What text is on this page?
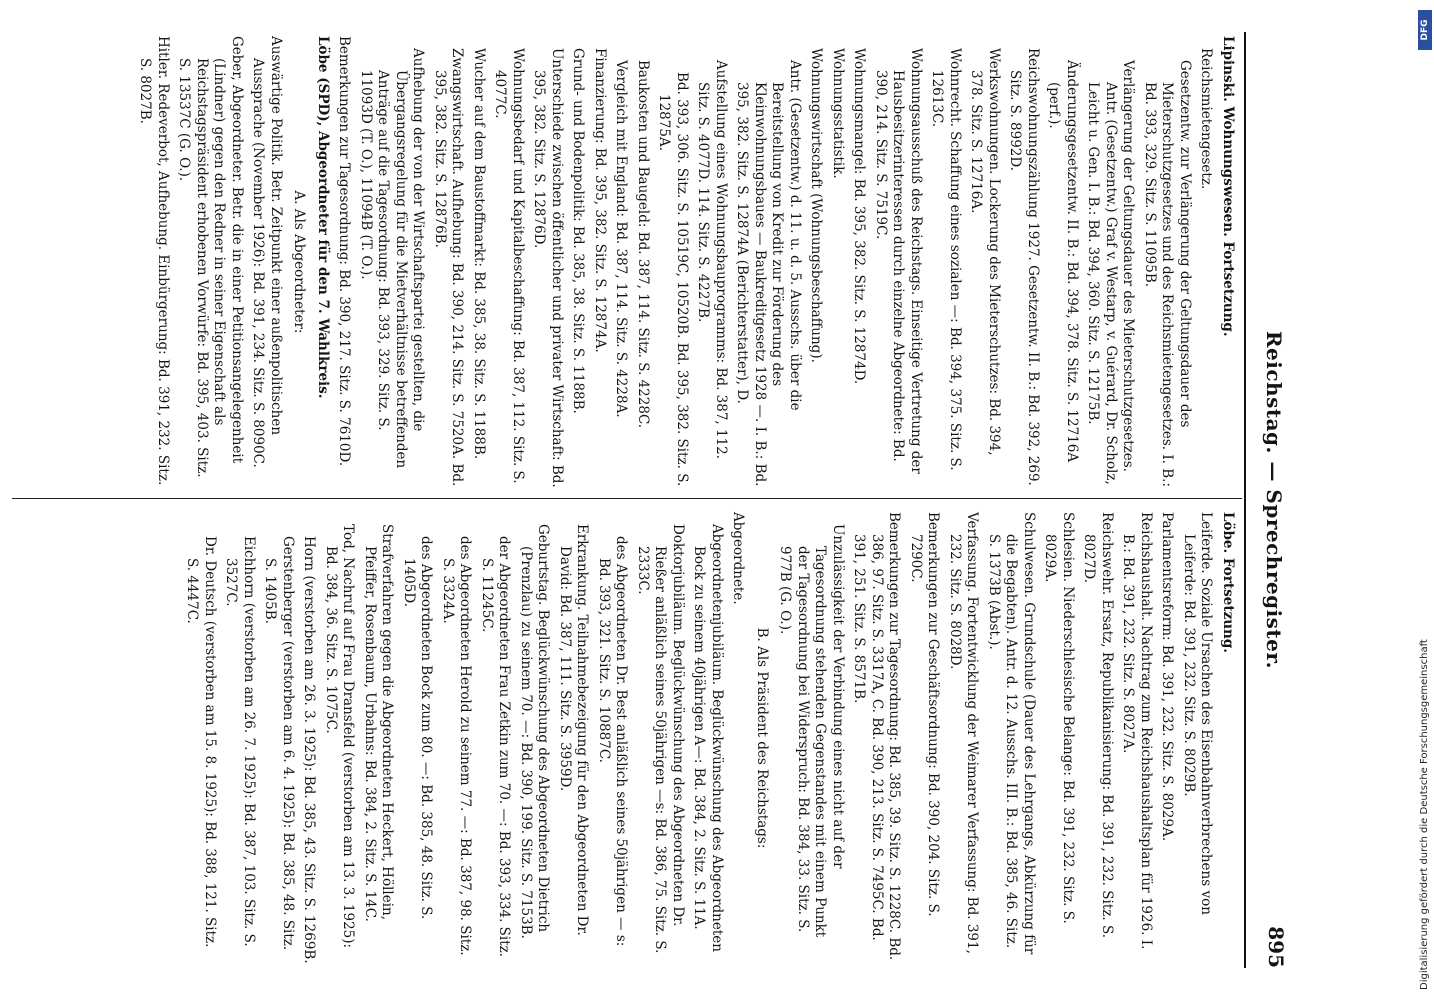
Reichstag. — Sprechregister.
895

Lipinski. Wohnungswesen. Fortsetzung.

Reichsmietengesetz.

Gesetzentw. zur Verlängerung der Geltungsdauer des Mieterschutzgesetzes und des Reichsmietengesetzes. I. B.: Bd. 393, 329. Sitz. S. 11095B.

Verlängerung der Geltungsdauer des Mieterschutzgesetzes. Antr. (Gesetzentw.) Graf v. Westarp, v. Guérard, Dr. Scholz, Leicht u. Gen. I. B.: Bd. 394, 360. Sitz. S. 12175B.

Änderungsgesetzentw. II. B.: Bd. 394, 378. Sitz. S. 12716A (perf.).

Reichswohnungszählung 1927. Gesetzentw. II. B.: Bd. 392, 269. Sitz. S. 8992D.

Werkswohnungen. Lockerung des Mieterschutzes: Bd. 394, 378. Sitz. S. 12716A.

Wohnrecht. Schaffung eines sozialen —: Bd. 394, 375. Sitz. S. 12613C.

Wohnungsausschuß des Reichstags. Einseitige Vertretung der Hausbesitzerinteressen durch einzelne Abgeordnete: Bd. 390, 214. Sitz. S. 7519C.

Wohnungsmangel: Bd. 395, 382. Sitz. S. 12874D.

Wohnungsstatistik.

Wohnungswirtschaft (Wohnungsbeschaffung).

Antr. (Gesetzentw.) d. 11. u. d. 5. Ausschs. über die Bereitstellung von Kredit zur Förderung des Kleinwohnungsbaues — Baukreditgesetz 1928 —. I. B.: Bd. 395, 382. Sitz. S. 12874A (Berichterstatter), D.

Aufstellung eines Wohnungsbauprogramms: Bd. 387, 112. Sitz. S. 4077D. 114. Sitz. S. 4227B.

Bd. 393, 306. Sitz. S. 10519C, 10520B. Bd. 395, 382. Sitz. S. 12875A.

Baukosten und Baugeld: Bd. 387, 114. Sitz. S. 4228C.

Vergleich mit England: Bd. 387, 114. Sitz. S. 4228A.

Finanzierung: Bd. 395, 382. Sitz. S. 12874A.

Grund- und Bodenpolitik: Bd. 385, 38. Sitz. S. 1188B.

Unterschiede zwischen öffentlicher und privater Wirtschaft: Bd. 395, 382. Sitz. S. 12876D.

Wohnungsbedarf und Kapitalbeschaffung: Bd. 387, 112. Sitz. S. 4077C.

Wucher auf dem Baustoffmarkt: Bd. 385, 38. Sitz. S. 1188B.

Zwangswirtschaft. Aufhebung: Bd. 390, 214. Sitz. S. 7520A. Bd. 395, 382. Sitz. S. 12876B.

Aufhebung der von der Wirtschaftspartei gestellten, die Übergangsregelung für die Mietverhältnisse betreffenden Anträge auf die Tagesordnung: Bd. 393, 329. Sitz. S. 11093D (T. O.), 11094B (T. O.).

Bemerkungen zur Tagesordnung: Bd. 390, 217. Sitz. S. 7610D.

Löbe (SPD), Abgeordneter für den 7. Wahlkreis.

A. Als Abgeordneter:

Auswärtige Politik. Betr. Zeitpunkt einer außenpolitischen Aussprache (November 1926): Bd. 391, 234. Sitz. S. 8090C.

Geber, Abgeordneter. Betr. die in einer Petitionsangelegenheit (Lindner) gegen den Redner in seiner Eigenschaft als Reichstagspräsident erhobenen Vorwürfe: Bd. 395, 403. Sitz. S. 13537C (G. O.).

Hitler. Redeverbot, Aufhebung. Einbürgerung: Bd. 391, 232. Sitz. S. 8027B.

Löbe. Fortsetzung.

Leiferde. Soziale Ursachen des Eisenbahnverbrechens von Leiferde: Bd. 391, 232. Sitz. S. 8029B.

Parlamentsreform: Bd. 391, 232. Sitz. S. 8029A.

Reichshaushalt. Nachtrag zum Reichshaushaltsplan für 1926. I. B.: Bd. 391, 232. Sitz. S. 8027A.

Reichswehr. Ersatz, Republikanisierung: Bd. 391, 232. Sitz. S. 8027D.

Schlesien. Niederschlesische Belange: Bd. 391, 232. Sitz. S. 8029A.

Schulwesen. Grundschule (Dauer des Lehrgangs, Abkürzung für die Begabten). Antr. d. 12. Ausschs. III. B.: Bd. 385, 46. Sitz. S. 1373B (Abst.).

Verfassung. Fortentwicklung der Weimarer Verfassung: Bd. 391, 232. Sitz. S. 8028D.

Bemerkungen zur Geschäftsordnung: Bd. 390, 204. Sitz. S. 7290C.

Bemerkungen zur Tagesordnung: Bd. 385, 39. Sitz. S. 1228C. Bd. 386, 97. Sitz. S. 3317A, C. Bd. 390, 213. Sitz. S. 7495C. Bd. 391, 251. Sitz. S. 8571B.

Unzulässigkeit der Verbindung eines nicht auf der Tagesordnung stehenden Gegenstandes mit einem Punkt der Tagesordnung bei Widerspruch: Bd. 384, 33. Sitz. S. 977B (G. O.).

B. Als Präsident des Reichstags:

Abgeordnete.

Abgeordnetenjubiläum. Beglückwünschung des Abgeordneten Bock zu seinem 40jährigen A—: Bd. 384, 2. Sitz. S. 11A.

Doktorjubiläum. Beglückwünschung des Abgeordneten Dr. Rießer anläßlich seines 50jährigen —s: Bd. 386, 75. Sitz. S. 2333C.

des Abgeordneten Dr. Best anläßlich seines 50jährigen — s: Bd. 393, 321. Sitz. S. 10887C.

Erkrankung. Teilnahmebezeigung für den Abgeordneten Dr. David: Bd. 387, 111. Sitz. S. 3959D.

Geburtstag. Beglückwünschung des Abgeordneten Dietrich (Prenzlau) zu seinem 70. —: Bd. 390, 199. Sitz. S. 7153B.

der Abgeordneten Frau Zetkin zum 70. —: Bd. 393, 334. Sitz. S. 11245C.

des Abgeordneten Herold zu seinem 77. —: Bd. 387, 98. Sitz. S. 3324A.

des Abgeordneten Bock zum 80. —: Bd. 385, 48. Sitz. S. 1405D.

Strafverfahren gegen die Abgeordneten Heckert, Höllein, Pfeiffer, Rosenbaum, Urbahns: Bd. 384, 2. Sitz. S. 14C.

Tod, Nachruf auf Frau Dransfeld (verstorben am 13. 3. 1925): Bd. 384, 36. Sitz. S. 1075C.

Horn (verstorben am 26. 3. 1925): Bd. 385, 43. Sitz. S. 1269B.

Gerstenberger (verstorben am 6. 4. 1925): Bd. 385, 48. Sitz. S. 1405B.

Eichhorn (verstorben am 26. 7. 1925): Bd. 387, 103. Sitz. S. 3527C.

Dr. Deutsch (verstorben am 15. 8. 1925): Bd. 388, 121. Sitz. S. 4447C.

DFG
Digitalisierung gefördert durch die Deutsche Forschungsgemeinschaft
